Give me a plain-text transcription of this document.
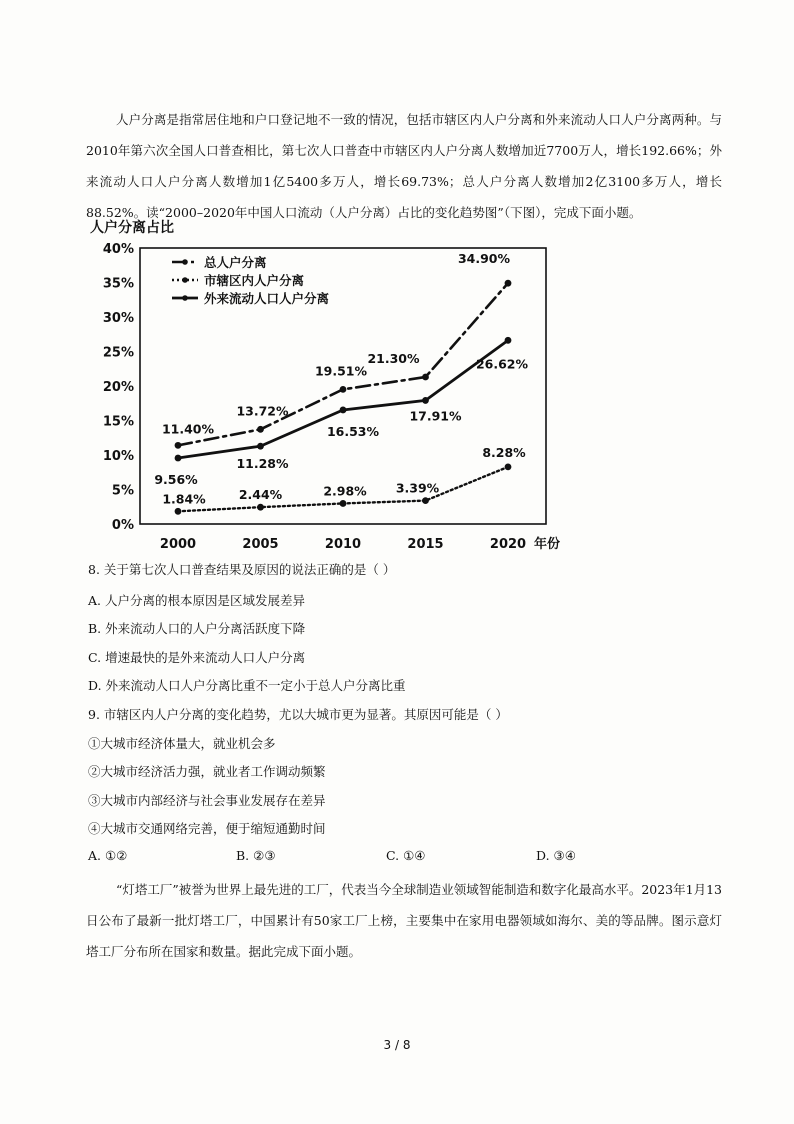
人户分离是指常居住地和户口登记地不一致的情况，包括市辖区内人户分离和外来流动人口人户分离两种。与2010年第六次全国人口普查相比，第七次人口普查中市辖区内人户分离人数增加近7700万人，增长192.66%；外来流动人口人户分离人数增加1亿5400多万人，增长69.73%；总人户分离人数增加2亿3100多万人，增长88.52%。读“2000–2020年中国人口流动（人户分离）占比的变化趋势图”（下图），完成下面小题。

人户分离占比
0%
5%
10%
15%
20%
25%
30%
35%
40%
2000	2005	2010	2015	2020 年份
11.40%
13.72%
19.51%
21.30%
34.90%
1.84%	2.44%	2.98% 3.39%
8.28%
9.56%
11.28%
16.53%
17.91%
26.62%
总人户分离
市辖区内人户分离
外来流动人口人户分离

8. 关于第七次人口普查结果及原因的说法正确的是（ ）

A. 人户分离的根本原因是区域发展差异

B. 外来流动人口的人户分离活跃度下降

C. 增速最快的是外来流动人口人户分离

D. 外来流动人口人户分离比重不一定小于总人户分离比重

9. 市辖区内人户分离的变化趋势，尤以大城市更为显著。其原因可能是（ ）

①大城市经济体量大，就业机会多

②大城市经济活力强，就业者工作调动频繁

③大城市内部经济与社会事业发展存在差异

④大城市交通网络完善，便于缩短通勤时间

A. ①②	B. ②③	C. ①④	D. ③④

“灯塔工厂”被誉为世界上最先进的工厂，代表当今全球制造业领域智能制造和数字化最高水平。2023年1月13日公布了最新一批灯塔工厂，中国累计有50家工厂上榜，主要集中在家用电器领域如海尔、美的等品牌。图示意灯塔工厂分布所在国家和数量。据此完成下面小题。

3 / 8
